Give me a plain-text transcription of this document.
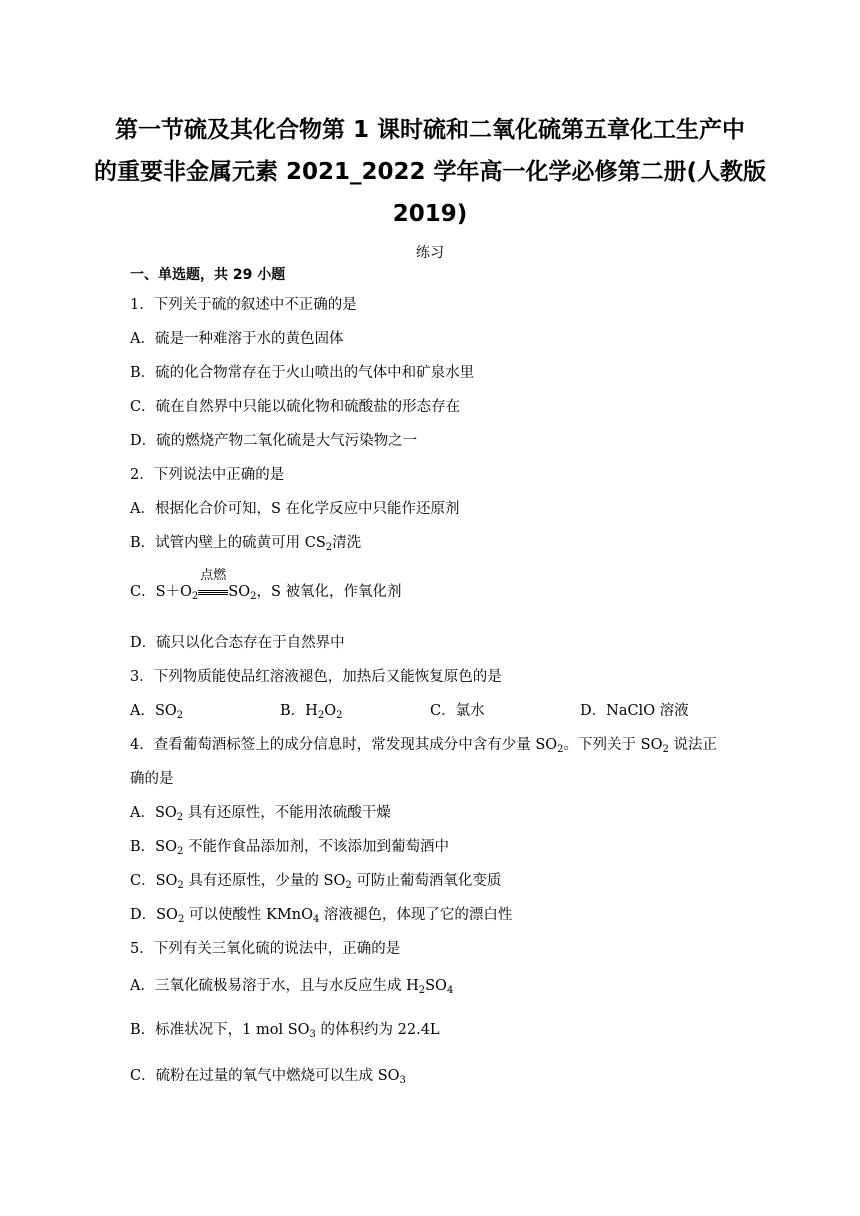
第一节硫及其化合物第 1 课时硫和二氧化硫第五章化工生产中
的重要非金属元素 2021_2022 学年高一化学必修第二册(人教版
2019)
练习
一、单选题，共 29 小题
1．下列关于硫的叙述中不正确的是
A．硫是一种难溶于水的黄色固体
B．硫的化合物常存在于火山喷出的气体中和矿泉水里
C．硫在自然界中只能以硫化物和硫酸盐的形态存在
D．硫的燃烧产物二氧化硫是大气污染物之一
2．下列说法中正确的是
A．根据化合价可知，S 在化学反应中只能作还原剂
B．试管内壁上的硫黄可用 $CS_2$清洗
C．$S+O_2$
点燃
$SO_2$，S 被氧化，作氧化剂
D．硫只以化合态存在于自然界中
3．下列物质能使品红溶液褪色，加热后又能恢复原色的是
A．$SO_2$	B．$H_2O_2$	C．氯水	D．NaClO 溶液
4．查看葡萄酒标签上的成分信息时，常发现其成分中含有少量 $SO_2$。下列关于 $SO_2$ 说法正
确的是
A．$SO_2$ 具有还原性，不能用浓硫酸干燥
B．$SO_2$ 不能作食品添加剂，不该添加到葡萄酒中
C．$SO_2$ 具有还原性，少量的 $SO_2$ 可防止葡萄酒氧化变质
D．$SO_2$ 可以使酸性 KMnO$_4$ 溶液褪色，体现了它的漂白性
5．下列有关三氧化硫的说法中，正确的是
A．三氧化硫极易溶于水，且与水反应生成 $H_2SO_4$
B．标准状况下，1 mol $SO_3$ 的体积约为 22.4L
C．硫粉在过量的氧气中燃烧可以生成 $SO_3$
